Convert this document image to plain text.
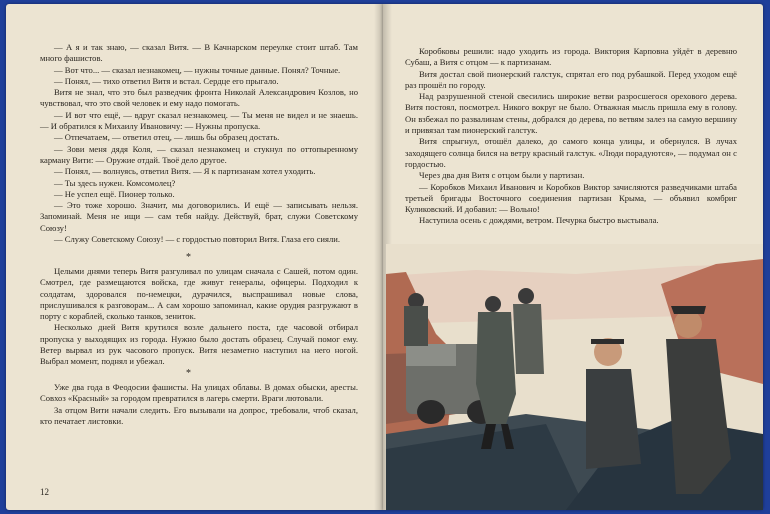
— А я и так знаю, — сказал Витя. — В Качнарском переулке стоит штаб. Там много фашистов.

— Вот что... — сказал незнакомец, — нужны точные данные. Понял? Точные.

— Понял, — тихо ответил Витя и встал. Сердце его прыгало.

Витя не знал, что это был разведчик фронта Николай Александрович Козлов, но чувствовал, что это свой человек и ему надо помогать.

— И вот что ещё, — вдруг сказал незнакомец. — Ты меня не видел и не знаешь. — И обратился к Михаилу Ивановичу: — Нужны пропуска.

— Отпечатаем, — ответил отец, — лишь бы образец достать.

— Зови меня дядя Коля, — сказал незнакомец и стукнул по оттопыренному карману Вити: — Оружие отдай. Твоё дело другое.

— Понял, — волнуясь, ответил Витя. — Я к партизанам хотел уходить.

— Ты здесь нужен. Комсомолец?

— Не успел ещё. Пионер только.

— Это тоже хорошо. Значит, мы договорились. И ещё — записывать нельзя. Запоминай. Меня не ищи — сам тебя найду. Действуй, брат, служи Советскому Союзу!

— Служу Советскому Союзу! — с гордостью повторил Витя. Глаза его сияли.

*

Целыми днями теперь Витя разгуливал по улицам сначала с Сашей, потом один. Смотрел, где размещаются войска, где живут генералы, офицеры. Подходил к солдатам, здоровался по-немецки, дурачился, выспрашивал новые слова, прислушивался к разговорам... А сам хорошо запоминал, какие орудия разгружают в порту с кораблей, сколько танков, зениток.

Несколько дней Витя крутился возле дальнего поста, где часовой отбирал пропуска у выходящих из города. Нужно было достать образец. Случай помог ему. Ветер вырвал из рук часового пропуск. Витя незаметно наступил на него ногой. Выбрал момент, поднял и убежал.

*

Уже два года в Феодосии фашисты. На улицах облавы. В домах обыски, аресты. Совхоз «Красный» за городом превратился в лагерь смерти. Враги лютовали.

За отцом Вити начали следить. Его вызывали на допрос, требовали, чтоб сказал, кто печатает листовки.

12

Коробковы решили: надо уходить из города. Виктория Карповна уйдёт в деревню Субаш, а Витя с отцом — к партизанам.

Витя достал свой пионерский галстук, спрятал его под рубашкой. Перед уходом ещё раз прошёл по городу.

Над разрушенной стеной свесились широкие ветви разросшегося орехового дерева. Витя постоял, посмотрел. Никого вокруг не было. Отважная мысль пришла ему в голову. Он взбежал по развалинам стены, добрался до дерева, по ветвям залез на самую вершину и привязал там пионерский галстук.

Витя спрыгнул, отошёл далеко, до самого конца улицы, и обернулся. В лучах заходящего солнца бился на ветру красный галстук. «Люди порадуются», — подумал он с гордостью.

Через два дня Витя с отцом были у партизан.

— Коробков Михаил Иванович и Коробков Виктор зачисляются разведчиками штаба третьей бригады Восточного соединения партизан Крыма, — объявил комбриг Куликовский. И добавил: — Вольно!

Наступила осень с дождями, ветром. Печурка быстро выстывала.
